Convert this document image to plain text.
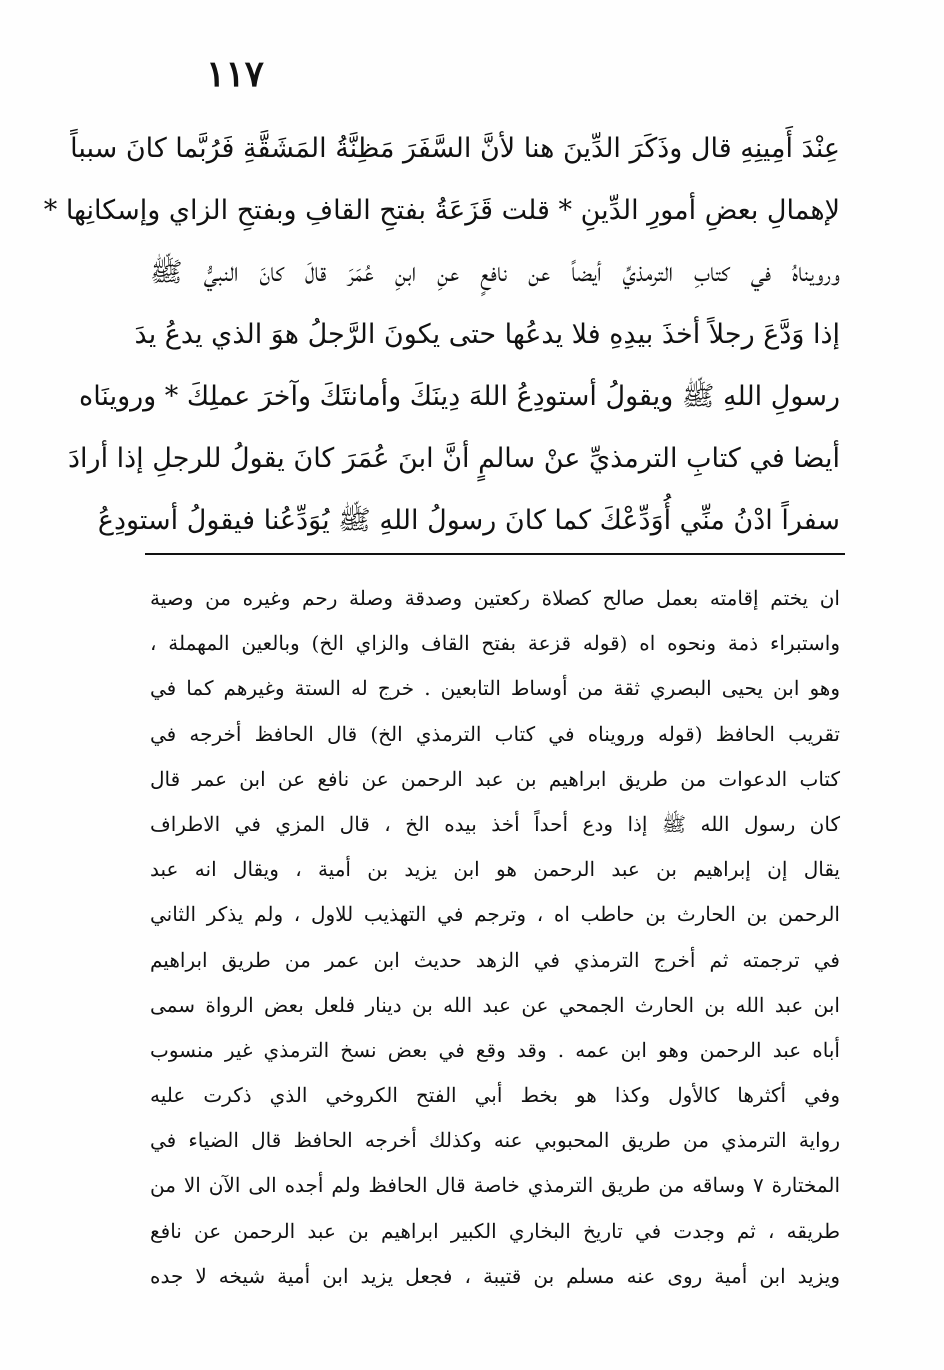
١١٧
عِنْدَ أَمِينِهِ قال وذَكَرَ الدِّينَ هنا لأنَّ السَّفَرَ مَظِنَّةُ المَشَقَّةِ فَرُبَّما كانَ سبباً
لإهمالِ بعضِ أمورِ الدِّينِ * قلت قَزَعَةُ بفتحِ القافِ وبفتحِ الزاي وإسكانِها *
ورويناهُ في كتابِ الترمذيِّ أيضاً عن نافعٍ عنِ ابنِ عُمَرَ قالَ كانَ النبيُّ ﷺ
إذا وَدَّعَ رجلاً أخذَ بيدِهِ فلا يدعُها حتى يكونَ الرَّجلُ هوَ الذي يدعُ يدَ
رسولِ اللهِ ﷺ ويقولُ أستودِعُ اللهَ دِينَكَ وأمانتَكَ وآخرَ عملِكَ * وروينَاه
أيضا في كتابِ الترمذيِّ عنْ سالمٍ أنَّ ابنَ عُمَرَ كانَ يقولُ للرجلِ إذا أرادَ
سفراً ادْنُ منِّي أُوَدِّعْكَ كما كانَ رسولُ اللهِ ﷺ يُوَدِّعُنا فيقولُ أستودِعُ
ان يختم إقامته بعمل صالح كصلاة ركعتين وصدقة وصلة رحم وغيره من وصية
واستبراء ذمة ونحوه اه (قوله قزعة بفتح القاف والزاي الخ) وبالعين المهملة ،
وهو ابن يحيى البصري ثقة من أوساط التابعين . خرج له الستة وغيرهم كما في
تقريب الحافظ (قوله ورويناه في كتاب الترمذي الخ) قال الحافظ أخرجه في
كتاب الدعوات من طريق ابراهيم بن عبد الرحمن عن نافع عن ابن عمر قال
كان رسول الله ﷺ إذا ودع أحداً أخذ بيده الخ ، قال المزي في الاطراف
يقال إن إبراهيم بن عبد الرحمن هو ابن يزيد بن أمية ، ويقال انه عبد
الرحمن بن الحارث بن حاطب اه ، وترجم في التهذيب للاول ، ولم يذكر الثاني
في ترجمته ثم أخرج الترمذي في الزهد حديث ابن عمر من طريق ابراهيم
ابن عبد الله بن الحارث الجمحي عن عبد الله بن دينار فلعل بعض الرواة سمى
أباه عبد الرحمن وهو ابن عمه . وقد وقع في بعض نسخ الترمذي غير منسوب
وفي أكثرها كالأول وكذا هو بخط أبي الفتح الكروخي الذي ذكرت عليه
رواية الترمذي من طريق المحبوبي عنه وكذلك أخرجه الحافظ قال الضياء في
المختارة ٧ وساقه من طريق الترمذي خاصة قال الحافظ ولم أجده الى الآن الا من
طريقه ، ثم وجدت في تاريخ البخاري الكبير ابراهيم بن عبد الرحمن عن نافع
ويزيد ابن أمية روى عنه مسلم بن قتيبة ، فجعل يزيد ابن أمية شيخه لا جده
